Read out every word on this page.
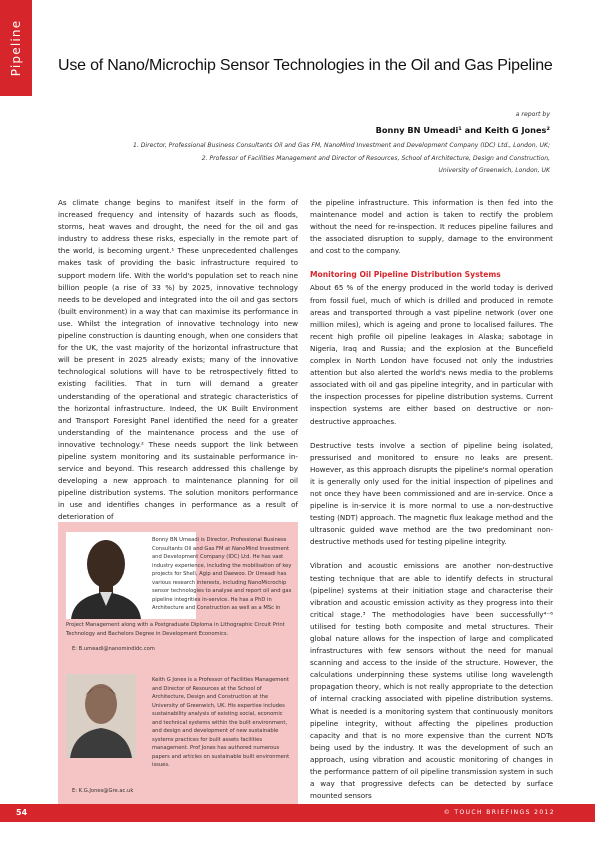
Pipeline Use of Nano/Microchip Sensor Technologies in the Oil and Gas Pipeline
a report by
Bonny BN Umeadi¹ and Keith G Jones²
1. Director, Professional Business Consultants Oil and Gas FM, NanoMind Investment and Development Company (IDC) Ltd., London, UK;
2. Professor of Facilities Management and Director of Resources, School of Architecture, Design and Construction,
University of Greenwich, London, UK

As climate change begins to manifest itself in the form of increased frequency and intensity of hazards such as floods, storms, heat waves and drought, the need for the oil and gas industry to address these risks, especially in the remote part of the world, is becoming urgent.¹ These unprecedented challenges makes task of providing the basic infrastructure required to support modern life. With the world's population set to reach nine billion people (a rise of 33 %) by 2025, innovative technology needs to be developed and integrated into the oil and gas sectors (built environment) in a way that can maximise its performance in use. Whilst the integration of innovative technology into new pipeline construction is daunting enough, when one considers that for the UK, the vast majority of the horizontal infrastructure that will be present in 2025 already exists; many of the innovative technological solutions will have to be retrospectively fitted to existing facilities. That in turn will demand a greater understanding of the operational and strategic characteristics of the horizontal infrastructure. Indeed, the UK Built Environment and Transport Foresight Panel identified the need for a greater understanding of the maintenance process and the use of innovative technology.² These needs support the link between pipeline system monitoring and its sustainable performance in-service and beyond. This research addressed this challenge by developing a new approach to maintenance planning for oil pipeline distribution systems. The solution monitors performance in use and identifies changes in performance as a result of deterioration of

the pipeline infrastructure. This information is then fed into the maintenance model and action is taken to rectify the problem without the need for re-inspection. It reduces pipeline failures and the associated disruption to supply, damage to the environment and cost to the company.

Monitoring Oil Pipeline Distribution Systems

About 65 % of the energy produced in the world today is derived from fossil fuel, much of which is drilled and produced in remote areas and transported through a vast pipeline network (over one million miles), which is ageing and prone to localised failures. The recent high profile oil pipeline leakages in Alaska; sabotage in Nigeria, Iraq and Russia; and the explosion at the Buncefield complex in North London have focused not only the industries attention but also alerted the world's news media to the problems associated with oil and gas pipeline integrity, and in particular with the inspection processes for pipeline distribution systems. Current inspection systems are either based on destructive or non-destructive approaches.

Destructive tests involve a section of pipeline being isolated, pressurised and monitored to ensure no leaks are present. However, as this approach disrupts the pipeline's normal operation it is generally only used for the initial inspection of pipelines and not once they have been commissioned and are in-service. Once a pipeline is in-service it is more normal to use a non-destructive testing (NDT) approach. The magnetic flux leakage method and the ultrasonic guided wave method are the two predominant non-destructive methods used for testing pipeline integrity.

Vibration and acoustic emissions are another non-destructive testing technique that are able to identify defects in structural (pipeline) systems at their initiation stage and characterise their vibration and acoustic emission activity as they progress into their critical stage.³ The methodologies have been successfully⁴⁻⁶ utilised for testing both composite and metal structures. Their global nature allows for the inspection of large and complicated infrastructures with few sensors without the need for manual scanning and access to the inside of the structure. However, the calculations underpinning these systems utilise long wavelength propagation theory, which is not really appropriate to the detection of internal cracking associated with pipeline distribution systems. What is needed is a monitoring system that continuously monitors pipeline integrity, without affecting the pipelines production capacity and that is no more expensive than the current NDTs being used by the industry. It was the development of such an approach, using vibration and acoustic monitoring of changes in the performance pattern of oil pipeline transmission system in such a way that progressive defects can be detected by surface mounted sensors

Bonny BN Umeadi is Director, Professional Business Consultants Oil and Gas FM at NanoMind Investment and Development Company (IDC) Ltd. He has vast industry experience, including the mobilisation of key projects for Shell, Agip and Daewoo. Dr Umeadi has various research interests, including NanoMicrochip sensor technologies to analyse and report oil and gas pipeline integrities in-service. He has a PhD in Architecture and Construction as well as a MSc in
Project Management along with a Postgraduate Diploma in Lithographic Circuit Print Technology and Bachelors Degree in Development Economics.
E: B.umeadi@nanomindidc.com
Keith G Jones is a Professor of Facilities Management and Director of Resources at the School of Architecture, Design and Construction at the University of Greenwich, UK. His expertise includes sustainability analysis of existing social, economic and technical systems within the built environment, and design and development of new sustainable systems practices for built assets facilities management. Prof Jones has authored numerous papers and articles on sustainable built environment issues.
E: K.G.Jones@Gre.ac.uk
54	© TOUCH BRIEFINGS 2012
